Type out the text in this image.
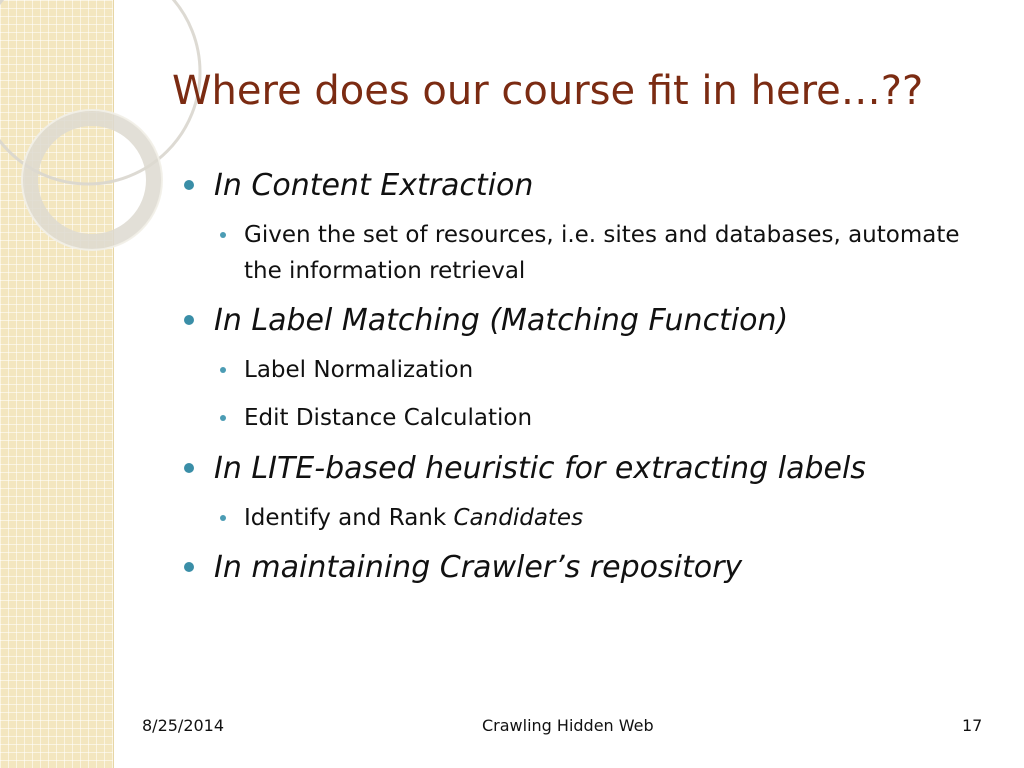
Where does our course fit in here…??
In Content Extraction
Given the set of resources, i.e. sites and databases, automate the information retrieval
In Label Matching (Matching Function)
Label Normalization
Edit Distance Calculation
In LITE-based heuristic for extracting labels
Identify and Rank Candidates
In maintaining Crawler’s repository
8/25/2014	Crawling Hidden Web	17
